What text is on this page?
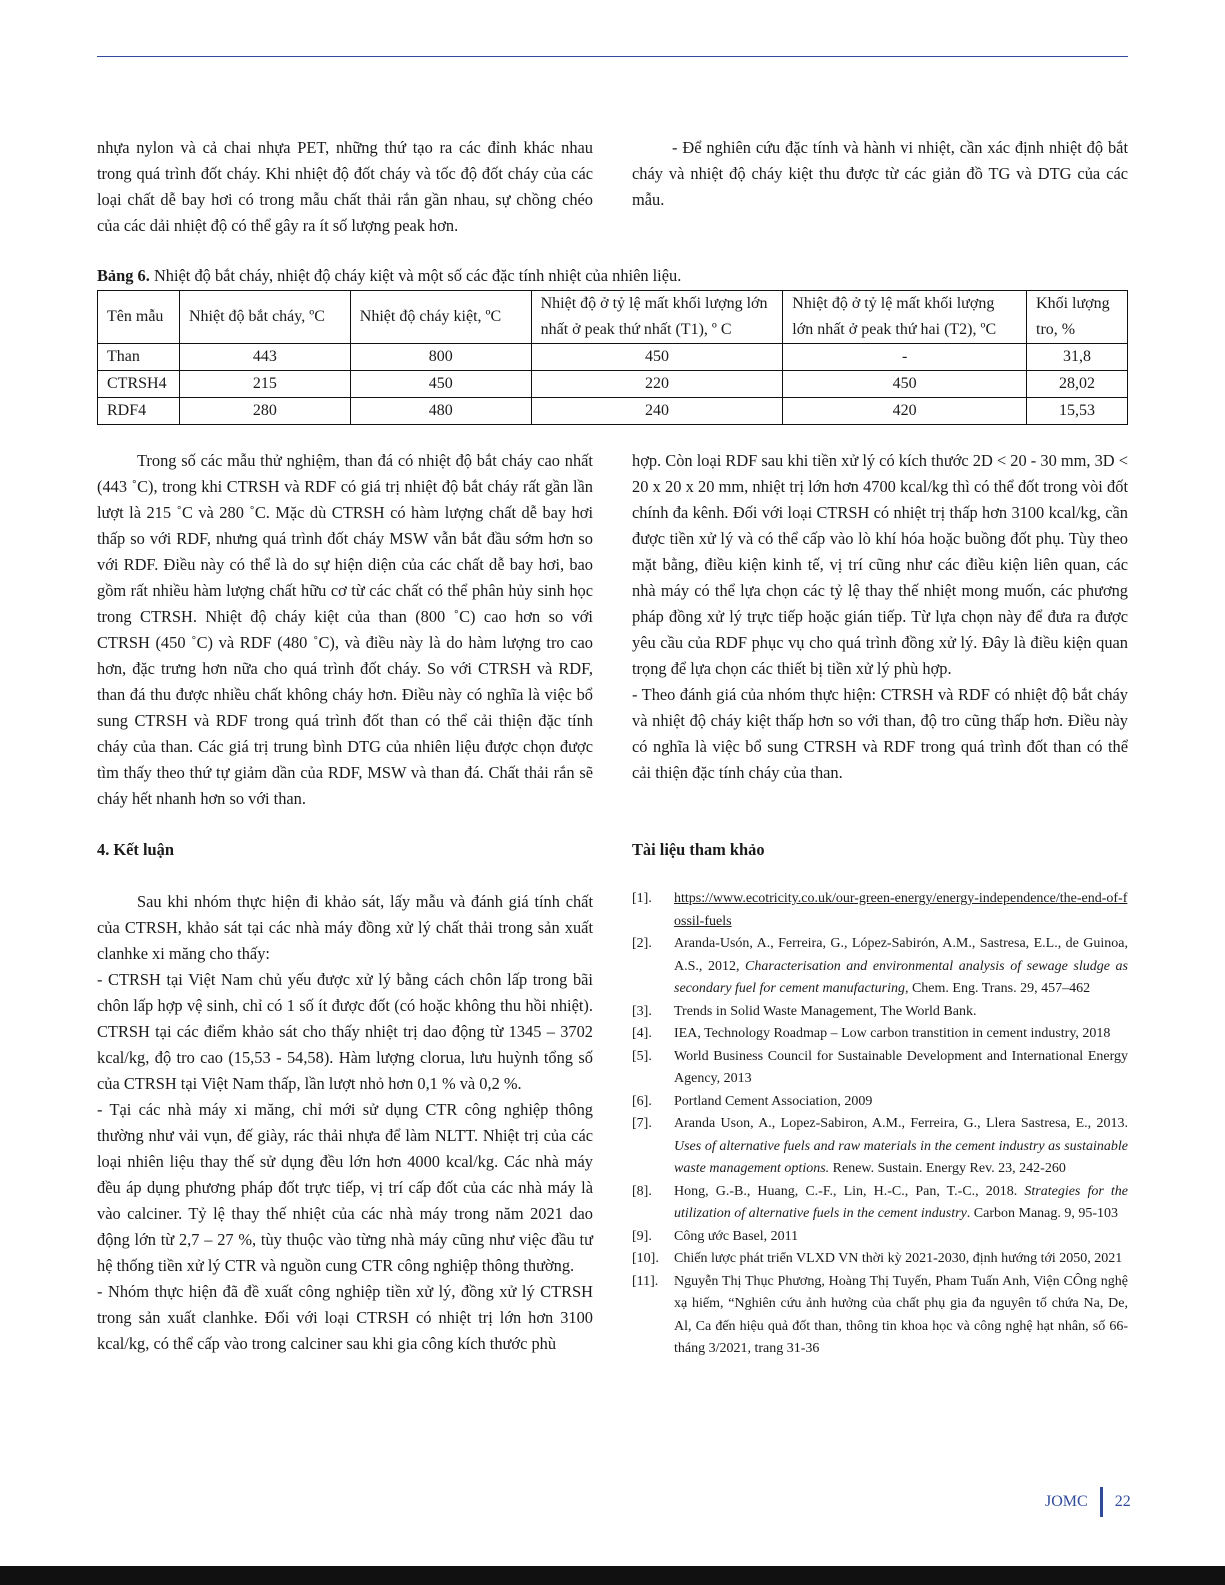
nhựa nylon và cả chai nhựa PET, những thứ tạo ra các đỉnh khác nhau trong quá trình đốt cháy. Khi nhiệt độ đốt cháy và tốc độ đốt cháy của các loại chất dễ bay hơi có trong mẫu chất thải rắn gần nhau, sự chồng chéo của các dải nhiệt độ có thể gây ra ít số lượng peak hơn.

- Để nghiên cứu đặc tính và hành vi nhiệt, cần xác định nhiệt độ bắt cháy và nhiệt độ cháy kiệt thu được từ các giản đồ TG và DTG của các mẫu.

Bảng 6. Nhiệt độ bắt cháy, nhiệt độ cháy kiệt và một số các đặc tính nhiệt của nhiên liệu.
Tên mẫu	Nhiệt độ bắt cháy, ºC	Nhiệt độ cháy kiệt, ºC	Nhiệt độ ở tỷ lệ mất khối lượng lớn nhất ở peak thứ nhất (T1), º C	Nhiệt độ ở tỷ lệ mất khối lượng lớn nhất ở peak thứ hai (T2), ºC	Khối lượng tro, %
Than	443	800	450	-	31,8
CTRSH4	215	450	220	450	28,02
RDF4	280	480	240	420	15,53

Trong số các mẫu thử nghiệm, than đá có nhiệt độ bắt cháy cao nhất (443 ˚C), trong khi CTRSH và RDF có giá trị nhiệt độ bắt cháy rất gần lần lượt là 215 ˚C và 280 ˚C. Mặc dù CTRSH có hàm lượng chất dễ bay hơi thấp so với RDF, nhưng quá trình đốt cháy MSW vẫn bắt đầu sớm hơn so với RDF. Điều này có thể là do sự hiện diện của các chất dễ bay hơi, bao gồm rất nhiều hàm lượng chất hữu cơ từ các chất có thể phân hủy sinh học trong CTRSH. Nhiệt độ cháy kiệt của than (800 ˚C) cao hơn so với CTRSH (450 ˚C) và RDF (480 ˚C), và điều này là do hàm lượng tro cao hơn, đặc trưng hơn nữa cho quá trình đốt cháy. So với CTRSH và RDF, than đá thu được nhiều chất không cháy hơn. Điều này có nghĩa là việc bổ sung CTRSH và RDF trong quá trình đốt than có thể cải thiện đặc tính cháy của than. Các giá trị trung bình DTG của nhiên liệu được chọn được tìm thấy theo thứ tự giảm dần của RDF, MSW và than đá. Chất thải rắn sẽ cháy hết nhanh hơn so với than.

hợp. Còn loại RDF sau khi tiền xử lý có kích thước 2D < 20 - 30 mm, 3D < 20 x 20 x 20 mm, nhiệt trị lớn hơn 4700 kcal/kg thì có thể đốt trong vòi đốt chính đa kênh. Đối với loại CTRSH có nhiệt trị thấp hơn 3100 kcal/kg, cần được tiền xử lý và có thể cấp vào lò khí hóa hoặc buồng đốt phụ. Tùy theo mặt bằng, điều kiện kinh tế, vị trí cũng như các điều kiện liên quan, các nhà máy có thể lựa chọn các tỷ lệ thay thế nhiệt mong muốn, các phương pháp đồng xử lý trực tiếp hoặc gián tiếp. Từ lựa chọn này để đưa ra được yêu cầu của RDF phục vụ cho quá trình đồng xử lý. Đây là điều kiện quan trọng để lựa chọn các thiết bị tiền xử lý phù hợp.

- Theo đánh giá của nhóm thực hiện: CTRSH và RDF có nhiệt độ bắt cháy và nhiệt độ cháy kiệt thấp hơn so với than, độ tro cũng thấp hơn. Điều này có nghĩa là việc bổ sung CTRSH và RDF trong quá trình đốt than có thể cải thiện đặc tính cháy của than.

4. Kết luận

Sau khi nhóm thực hiện đi khảo sát, lấy mẫu và đánh giá tính chất của CTRSH, khảo sát tại các nhà máy đồng xử lý chất thải trong sản xuất clanhke xi măng cho thấy:

- CTRSH tại Việt Nam chủ yếu được xử lý bằng cách chôn lấp trong bãi chôn lấp hợp vệ sinh, chỉ có 1 số ít được đốt (có hoặc không thu hồi nhiệt). CTRSH tại các điểm khảo sát cho thấy nhiệt trị dao động từ 1345 – 3702 kcal/kg, độ tro cao (15,53 - 54,58). Hàm lượng clorua, lưu huỳnh tổng số của CTRSH tại Việt Nam thấp, lần lượt nhỏ hơn 0,1 % và 0,2 %.

- Tại các nhà máy xi măng, chỉ mới sử dụng CTR công nghiệp thông thường như vải vụn, đế giày, rác thải nhựa để làm NLTT. Nhiệt trị của các loại nhiên liệu thay thế sử dụng đều lớn hơn 4000 kcal/kg. Các nhà máy đều áp dụng phương pháp đốt trực tiếp, vị trí cấp đốt của các nhà máy là vào calciner. Tỷ lệ thay thế nhiệt của các nhà máy trong năm 2021 dao động lớn từ 2,7 – 27 %, tùy thuộc vào từng nhà máy cũng như việc đầu tư hệ thống tiền xử lý CTR và nguồn cung CTR công nghiệp thông thường.

- Nhóm thực hiện đã đề xuất công nghiệp tiền xử lý, đồng xử lý CTRSH trong sản xuất clanhke. Đối với loại CTRSH có nhiệt trị lớn hơn 3100 kcal/kg, có thể cấp vào trong calciner sau khi gia công kích thước phù

Tài liệu tham khảo
[1].	https://www.ecotricity.co.uk/our-green-energy/energy-independence/the-end-of-fossil-fuels
[2].	Aranda-Usón, A., Ferreira, G., López-Sabirón, A.M., Sastresa, E.L., de Guinoa, A.S., 2012, Characterisation and environmental analysis of sewage sludge as secondary fuel for cement manufacturing, Chem. Eng. Trans. 29, 457–462
[3].	Trends in Solid Waste Management, The World Bank.
[4].	IEA, Technology Roadmap – Low carbon transtition in cement industry, 2018
[5].	World Business Council for Sustainable Development and International Energy Agency, 2013
[6].	Portland Cement Association, 2009
[7].	Aranda Uson, A., Lopez-Sabiron, A.M., Ferreira, G., Llera Sastresa, E., 2013. Uses of alternative fuels and raw materials in the cement industry as sustainable waste management options. Renew. Sustain. Energy Rev. 23, 242-260
[8].	Hong, G.-B., Huang, C.-F., Lin, H.-C., Pan, T.-C., 2018. Strategies for the utilization of alternative fuels in the cement industry. Carbon Manag. 9, 95-103
[9].	Công ước Basel, 2011
[10].	Chiến lược phát triển VLXD VN thời kỳ 2021-2030, định hướng tới 2050, 2021
[11].	Nguyễn Thị Thục Phương, Hoàng Thị Tuyến, Pham Tuấn Anh, Viện CÔng nghệ xạ hiếm, “Nghiên cứu ảnh hưởng của chất phụ gia đa nguyên tố chứa Na, De, Al, Ca đến hiệu quả đốt than, thông tin khoa học và công nghệ hạt nhân, số 66- tháng 3/2021, trang 31-36
JOMC 22
